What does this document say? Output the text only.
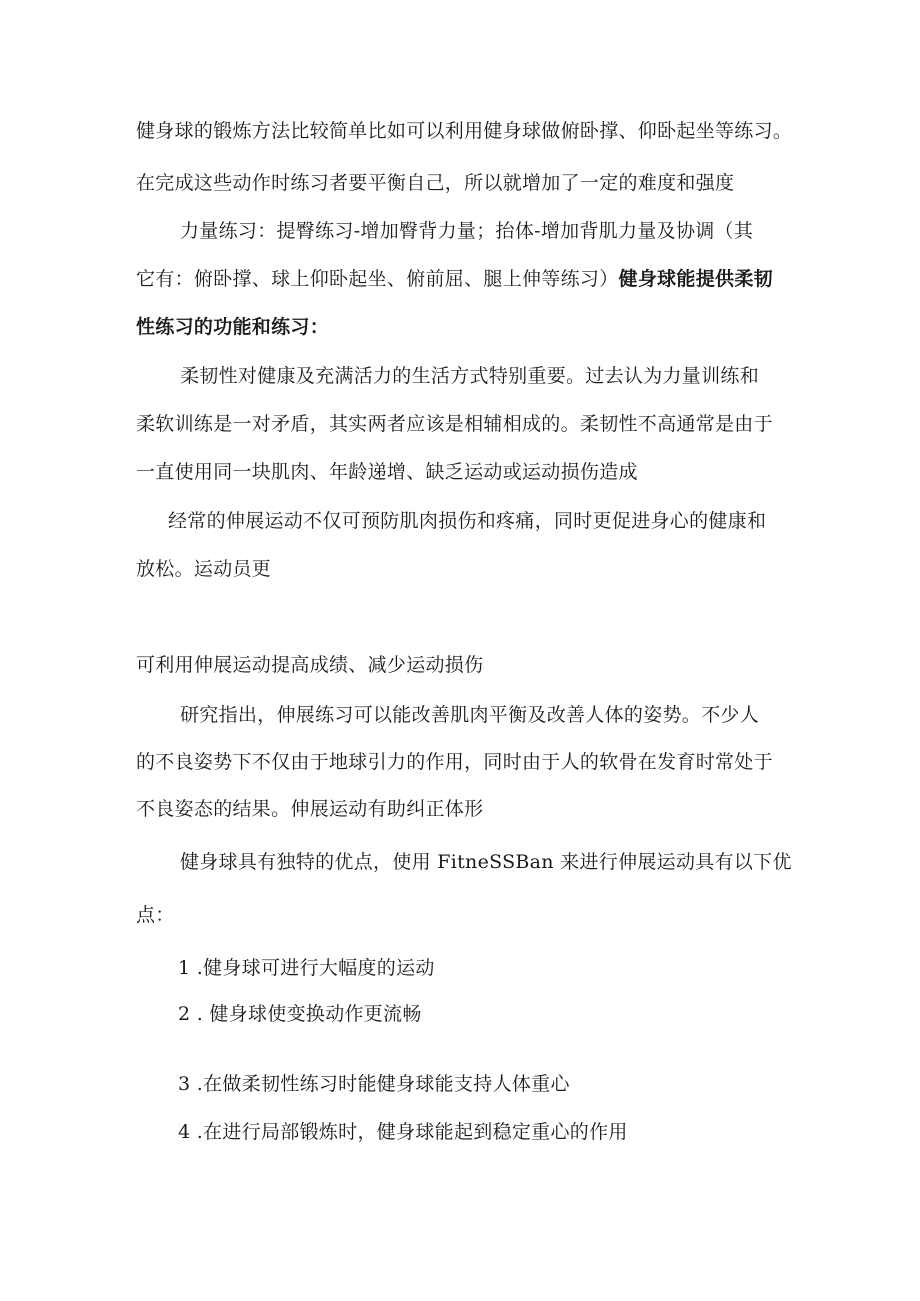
健身球的锻炼方法比较简单比如可以利用健身球做俯卧撑、仰卧起坐等练习。
在完成这些动作时练习者要平衡自己，所以就增加了一定的难度和强度
力量练习：提臀练习-增加臀背力量；抬体-增加背肌力量及协调（其
它有：俯卧撑、球上仰卧起坐、俯前屈、腿上伸等练习）健身球能提供柔韧
性练习的功能和练习：
柔韧性对健康及充满活力的生活方式特别重要。过去认为力量训练和
柔软训练是一对矛盾，其实两者应该是相辅相成的。柔韧性不高通常是由于
一直使用同一块肌肉、年龄递增、缺乏运动或运动损伤造成
经常的伸展运动不仅可预防肌肉损伤和疼痛，同时更促进身心的健康和
放松。运动员更
可利用伸展运动提高成绩、减少运动损伤
研究指出，伸展练习可以能改善肌肉平衡及改善人体的姿势。不少人
的不良姿势下不仅由于地球引力的作用，同时由于人的软骨在发育时常处于
不良姿态的结果。伸展运动有助纠正体形
健身球具有独特的优点，使用 FitneSSBan 来进行伸展运动具有以下优
点：
1 .健身球可进行大幅度的运动
2 . 健身球使变换动作更流畅
3 .在做柔韧性练习时能健身球能支持人体重心
4 .在进行局部锻炼时，健身球能起到稳定重心的作用
